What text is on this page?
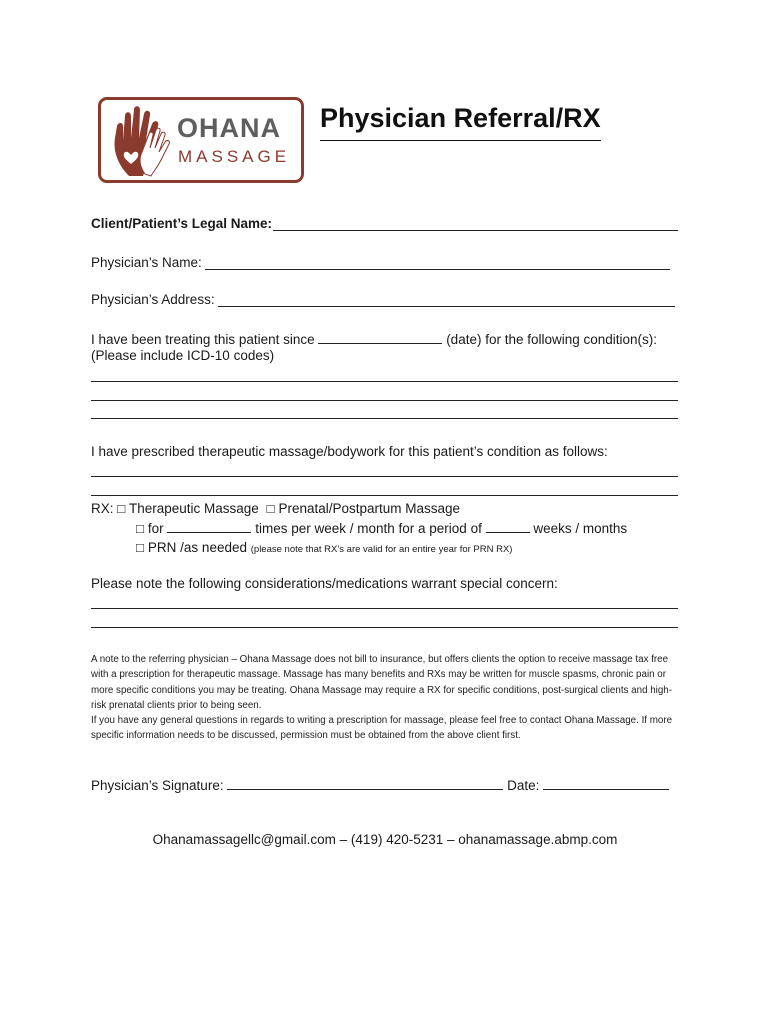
OHANA
MASSAGE
Physician Referral/RX
Client/Patient’s Legal Name:
Physician’s Name:
Physician’s Address:
I have been treating this patient since	(date) for the following condition(s):
(Please include ICD-10 codes)
I have prescribed therapeutic massage/bodywork for this patient’s condition as follows:
RX: □ Therapeutic Massage □ Prenatal/Postpartum Massage
□ for	times per week / month for a period of	weeks / months
□ PRN /as needed (please note that RX’s are valid for an entire year for PRN RX)
Please note the following considerations/medications warrant special concern:

A note to the referring physician – Ohana Massage does not bill to insurance, but offers clients the option to receive massage tax free with a prescription for therapeutic massage. Massage has many benefits and RXs may be written for muscle spasms, chronic pain or more specific conditions you may be treating. Ohana Massage may require a RX for specific conditions, post-surgical clients and high-risk prenatal clients prior to being seen.

If you have any general questions in regards to writing a prescription for massage, please feel free to contact Ohana Massage. If more specific information needs to be discussed, permission must be obtained from the above client first.

Physician’s Signature:	Date:
Ohanamassagellc@gmail.com – (419) 420-5231 – ohanamassage.abmp.com
